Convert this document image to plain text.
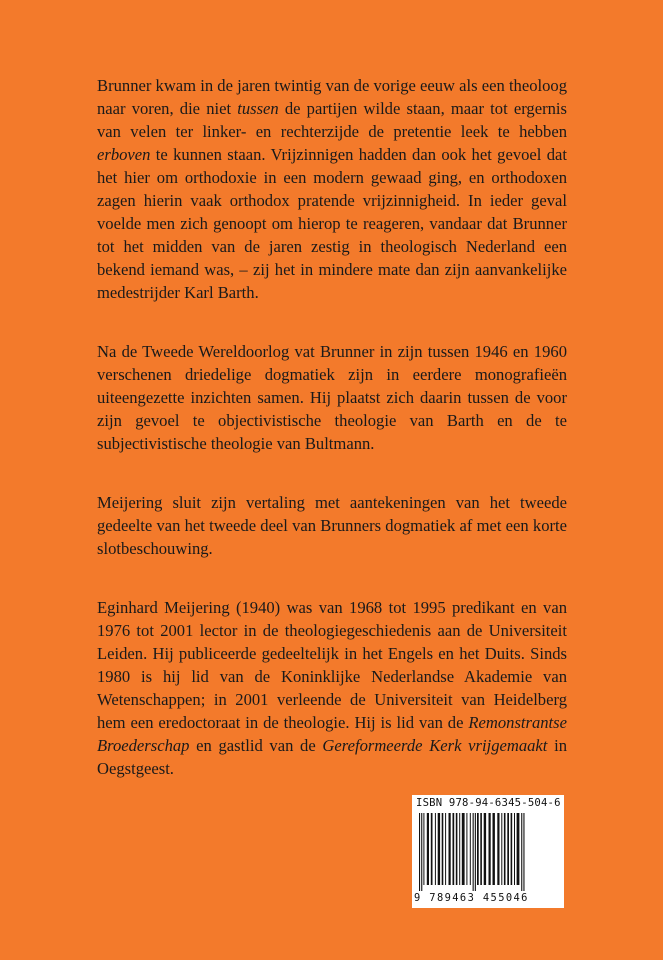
Brunner kwam in de jaren twintig van de vorige eeuw als een theoloog naar voren, die niet tussen de partijen wilde staan, maar tot ergernis van velen ter linker- en rechterzijde de pretentie leek te hebben erboven te kunnen staan. Vrijzinnigen hadden dan ook het gevoel dat het hier om orthodoxie in een modern gewaad ging, en orthodoxen zagen hierin vaak orthodox pratende vrijzinnigheid. In ieder geval voelde men zich genoopt om hierop te reageren, vandaar dat Brunner tot het midden van de jaren zestig in theologisch Nederland een bekend iemand was, – zij het in mindere mate dan zijn aanvankelijke medestrijder Karl Barth.

Na de Tweede Wereldoorlog vat Brunner in zijn tussen 1946 en 1960 verschenen driedelige dogmatiek zijn in eerdere monografieën uiteengezette inzichten samen. Hij plaatst zich daarin tussen de voor zijn gevoel te objectivistische theologie van Barth en de te subjectivistische theologie van Bultmann.

Meijering sluit zijn vertaling met aantekeningen van het tweede gedeelte van het tweede deel van Brunners dogmatiek af met een korte slotbeschouwing.

Eginhard Meijering (1940) was van 1968 tot 1995 predikant en van 1976 tot 2001 lector in de theologiegeschiedenis aan de Universiteit Leiden. Hij publiceerde gedeeltelijk in het Engels en het Duits. Sinds 1980 is hij lid van de Koninklijke Nederlandse Akademie van Wetenschappen; in 2001 verleende de Universiteit van Heidelberg hem een eredoctoraat in de theologie. Hij is lid van de Remonstrantse Broederschap en gastlid van de Gereformeerde Kerk vrijgemaakt in Oegstgeest.

ISBN 978-94-6345-504-6
9 789463 455046
